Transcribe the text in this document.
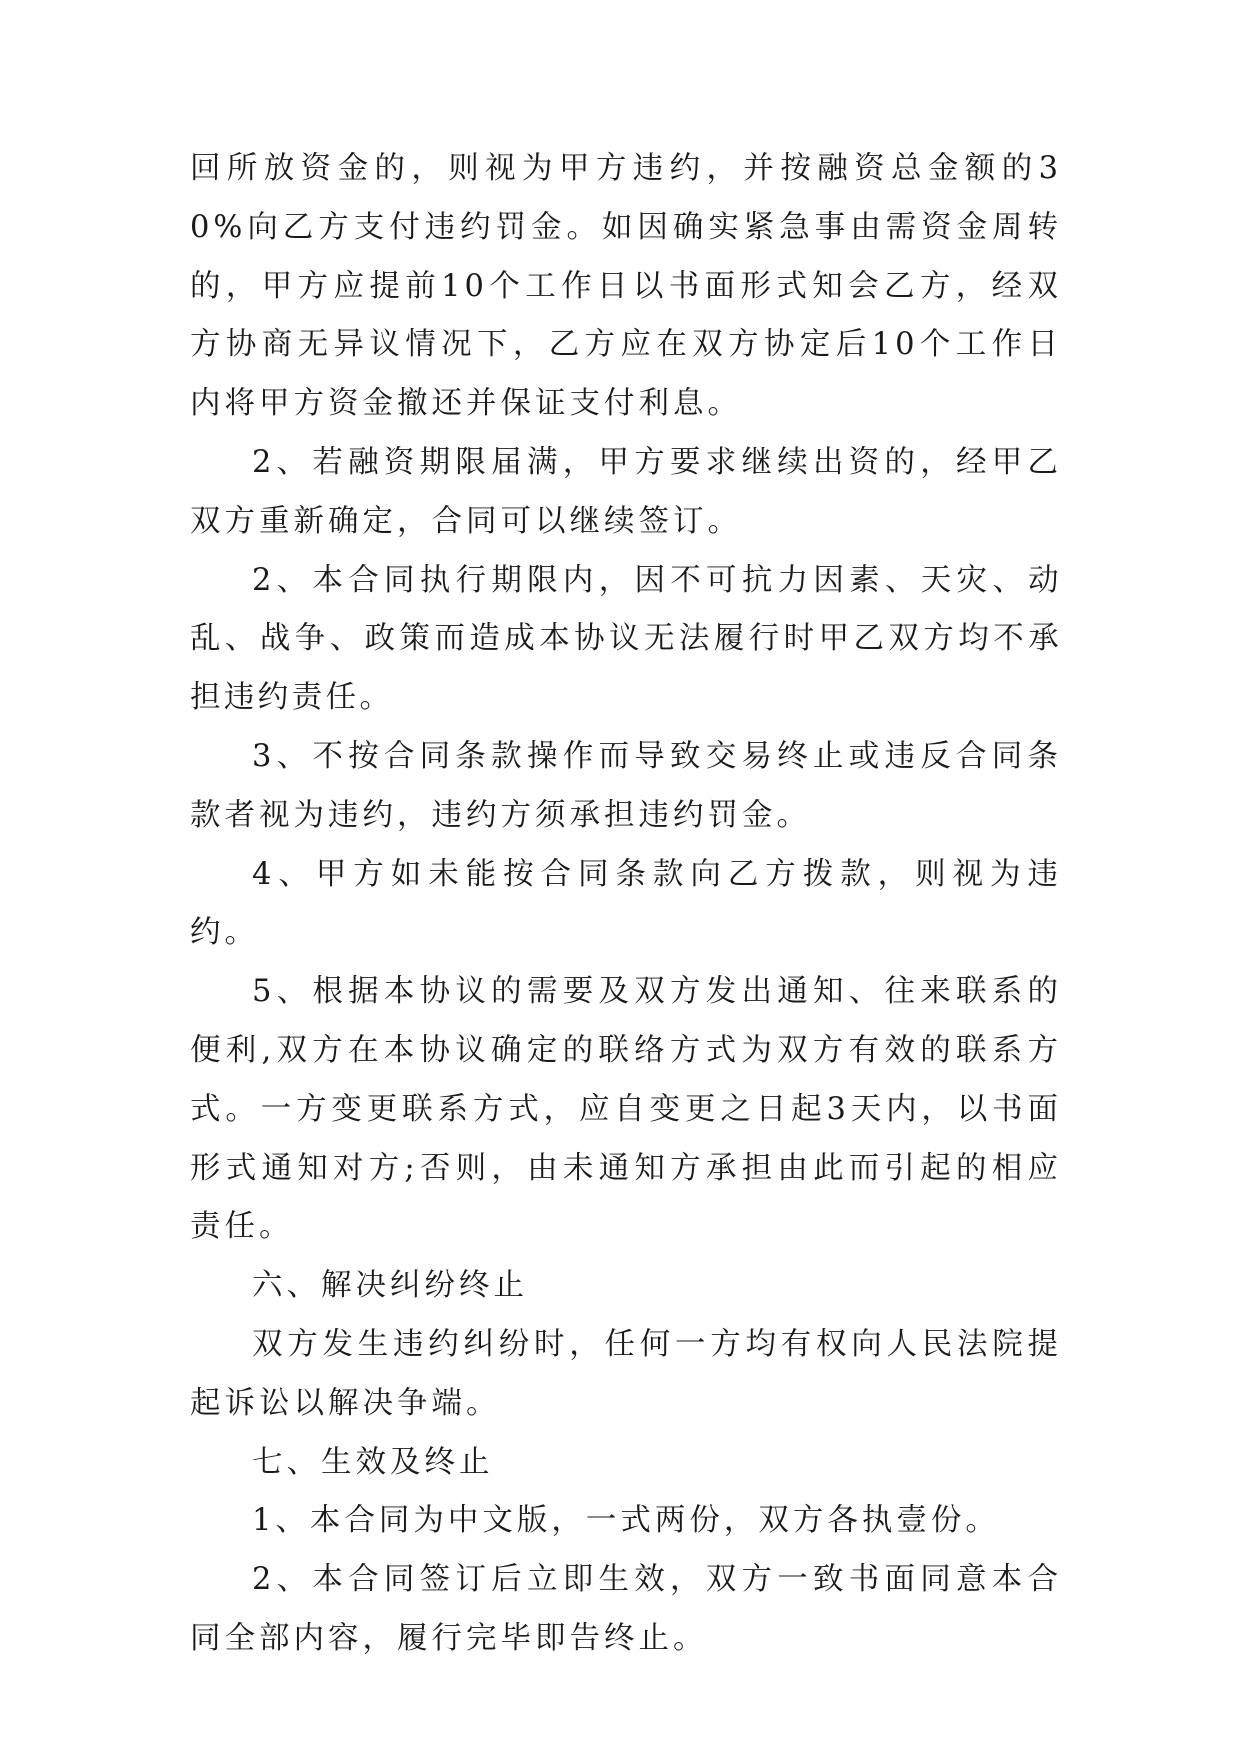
回所放资金的，则视为甲方违约，并按融资总金额的30%向乙方支付违约罚金。如因确实紧急事由需资金周转的，甲方应提前10个工作日以书面形式知会乙方，经双方协商无异议情况下，乙方应在双方协定后10个工作日内将甲方资金撤还并保证支付利息。

2、若融资期限届满，甲方要求继续出资的，经甲乙双方重新确定，合同可以继续签订。

2、本合同执行期限内，因不可抗力因素、天灾、动乱、战争、政策而造成本协议无法履行时甲乙双方均不承担违约责任。

3、不按合同条款操作而导致交易终止或违反合同条款者视为违约，违约方须承担违约罚金。

4、甲方如未能按合同条款向乙方拨款，则视为违约。

5、根据本协议的需要及双方发出通知、往来联系的便利,双方在本协议确定的联络方式为双方有效的联系方式。一方变更联系方式，应自变更之日起3天内，以书面形式通知对方;否则，由未通知方承担由此而引起的相应责任。

六、解决纠纷终止

双方发生违约纠纷时，任何一方均有权向人民法院提起诉讼以解决争端。

七、生效及终止

1、本合同为中文版，一式两份，双方各执壹份。

2、本合同签订后立即生效，双方一致书面同意本合同全部内容，履行完毕即告终止。
